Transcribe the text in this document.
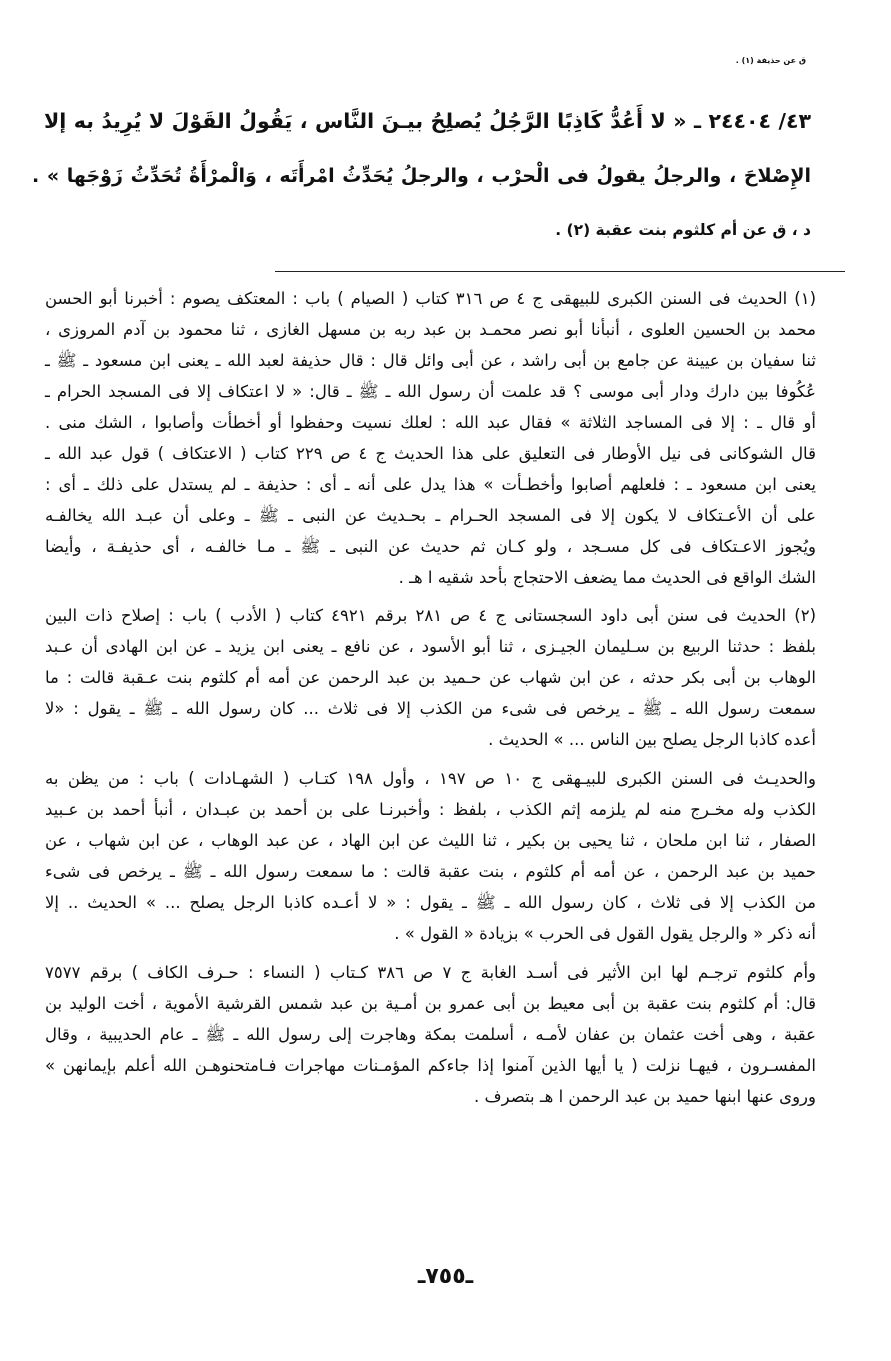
ق عن حذيفة (١) .
٤٣/ ٢٤٤٠٤ ـ « لا أَعُدُّ كَاذِبًا الرَّجُلُ يُصلِحُ بيـنَ النَّاس ، يَقُولُ القَوْلَ لا يُرِيدُ به إلا
الإِصْلاحَ ، والرجلُ يقولُ فى الْحرْب ، والرجلُ يُحَدِّثُ امْرأَتَه ، وَالْمرْأَةُ تُحَدِّثُ زَوْجَها » .
د ، ق عن أم كلثوم بنت عقبة (٢) .
(١) الحديث فى السنن الكبرى للبيهقى ج ٤ ص ٣١٦ كتاب ( الصيام ) باب : المعتكف يصوم : أخبرنا أبو الحسن
محمد بن الحسين العلوى ، أنبأنا أبو نصر محمـد بن عبد ربه بن مسهل الغازى ، ثنا محمود بن آدم المروزى ،
ثنا سفيان بن عيينة عن جامع بن أبى راشد ، عن أبى وائل قال : قال حذيفة لعبد الله ـ يعنى ابن مسعود ـ ﷺ ـ
عُكُوفا بين دارك ودار أبى موسى ؟ قد علمت أن رسول الله ـ ﷺ ـ قال: « لا اعتكاف إلا فى المسجد الحرام ـ
أو قال ـ : إلا فى المساجد الثلاثة » فقال عبد الله : لعلك نسيت وحفظوا أو أخطأت وأصابوا ، الشك منى .
قال الشوكانى فى نيل الأوطار فى التعليق على هذا الحديث ج ٤ ص ٢٢٩ كتاب ( الاعتكاف ) قول عبد الله ـ
يعنى ابن مسعود ـ : فلعلهم أصابوا وأخطـأت » هذا يدل على أنه ـ أى : حذيفة ـ لم يستدل على ذلك ـ أى :
على أن الأعـتكاف لا يكون إلا فى المسجد الحـرام ـ بحـديث عن النبى ـ ﷺ ـ وعلى أن عبـد الله يخالفـه
ويُجوز الاعـتكاف فى كل مسـجد ، ولو كـان ثم حديث عن النبى ـ ﷺ ـ مـا خالفـه ، أى حذيفـة ، وأيضا
الشك الواقع فى الحديث مما يضعف الاحتجاج بأحد شقيه ا هـ .
(٢) الحديث فى سنن أبى داود السجستانى ج ٤ ص ٢٨١ برقم ٤٩٢١ كتاب ( الأدب ) باب : إصلاح ذات البين
بلفظ : حدثنا الربيع بن سـليمان الجيـزى ، ثنا أبو الأسود ، عن نافع ـ يعنى ابن يزيد ـ عن ابن الهادى أن عـبد
الوهاب بن أبى بكر حدثه ، عن ابن شهاب عن حـميد بن عبد الرحمن عن أمه أم كلثوم بنت عـقبة قالت : ما
سمعت رسول الله ـ ﷺ ـ يرخص فى شىء من الكذب إلا فى ثلاث ... كان رسول الله ـ ﷺ ـ يقول : «لا
أعده كاذبا الرجل يصلح بين الناس ... » الحديث .
والحديـث فى السنن الكبرى للبيـهقى ج ١٠ ص ١٩٧ ، وأول ١٩٨ كتـاب ( الشهـادات ) باب : من يظن به
الكذب وله مخـرج منه لم يلزمه إثم الكذب ، بلفظ : وأخبرنـا على بن أحمد بن عبـدان ، أنبأ أحمد بن عـبيد
الصفار ، ثنا ابن ملحان ، ثنا يحيى بن بكير ، ثنا الليث عن ابن الهاد ، عن عبد الوهاب ، عن ابن شهاب ، عن
حميد بن عبد الرحمن ، عن أمه أم كلثوم ، بنت عقبة قالت : ما سمعت رسول الله ـ ﷺ ـ يرخص فى شىء
من الكذب إلا فى ثلاث ، كان رسول الله ـ ﷺ ـ يقول : « لا أعـده كاذبا الرجل يصلح ... » الحديث .. إلا
أنه ذكر « والرجل يقول القول فى الحرب » بزيادة « القول » .
وأم كلثوم ترجـم لها ابن الأثير فى أسـد الغابة ج ٧ ص ٣٨٦ كـتاب ( النساء : حـرف الكاف ) برقم ٧٥٧٧
قال: أم كلثوم بنت عقبة بن أبى معيط بن أبى عمرو بن أمـية بن عبد شمس القرشية الأموية ، أخت الوليد بن
عقبة ، وهى أخت عثمان بن عفان لأمـه ، أسلمت بمكة وهاجرت إلى رسول الله ـ ﷺ ـ عام الحديبية ، وقال
المفسـرون ، فيهـا نزلت ( يا أيها الذين آمنوا إذا جاءكم المؤمـنات مهاجرات فـامتحنوهـن الله أعلم بإيمانهن »
وروى عنها ابنها حميد بن عبد الرحمن ا هـ بتصرف .
ـ٧٥٥ـ
